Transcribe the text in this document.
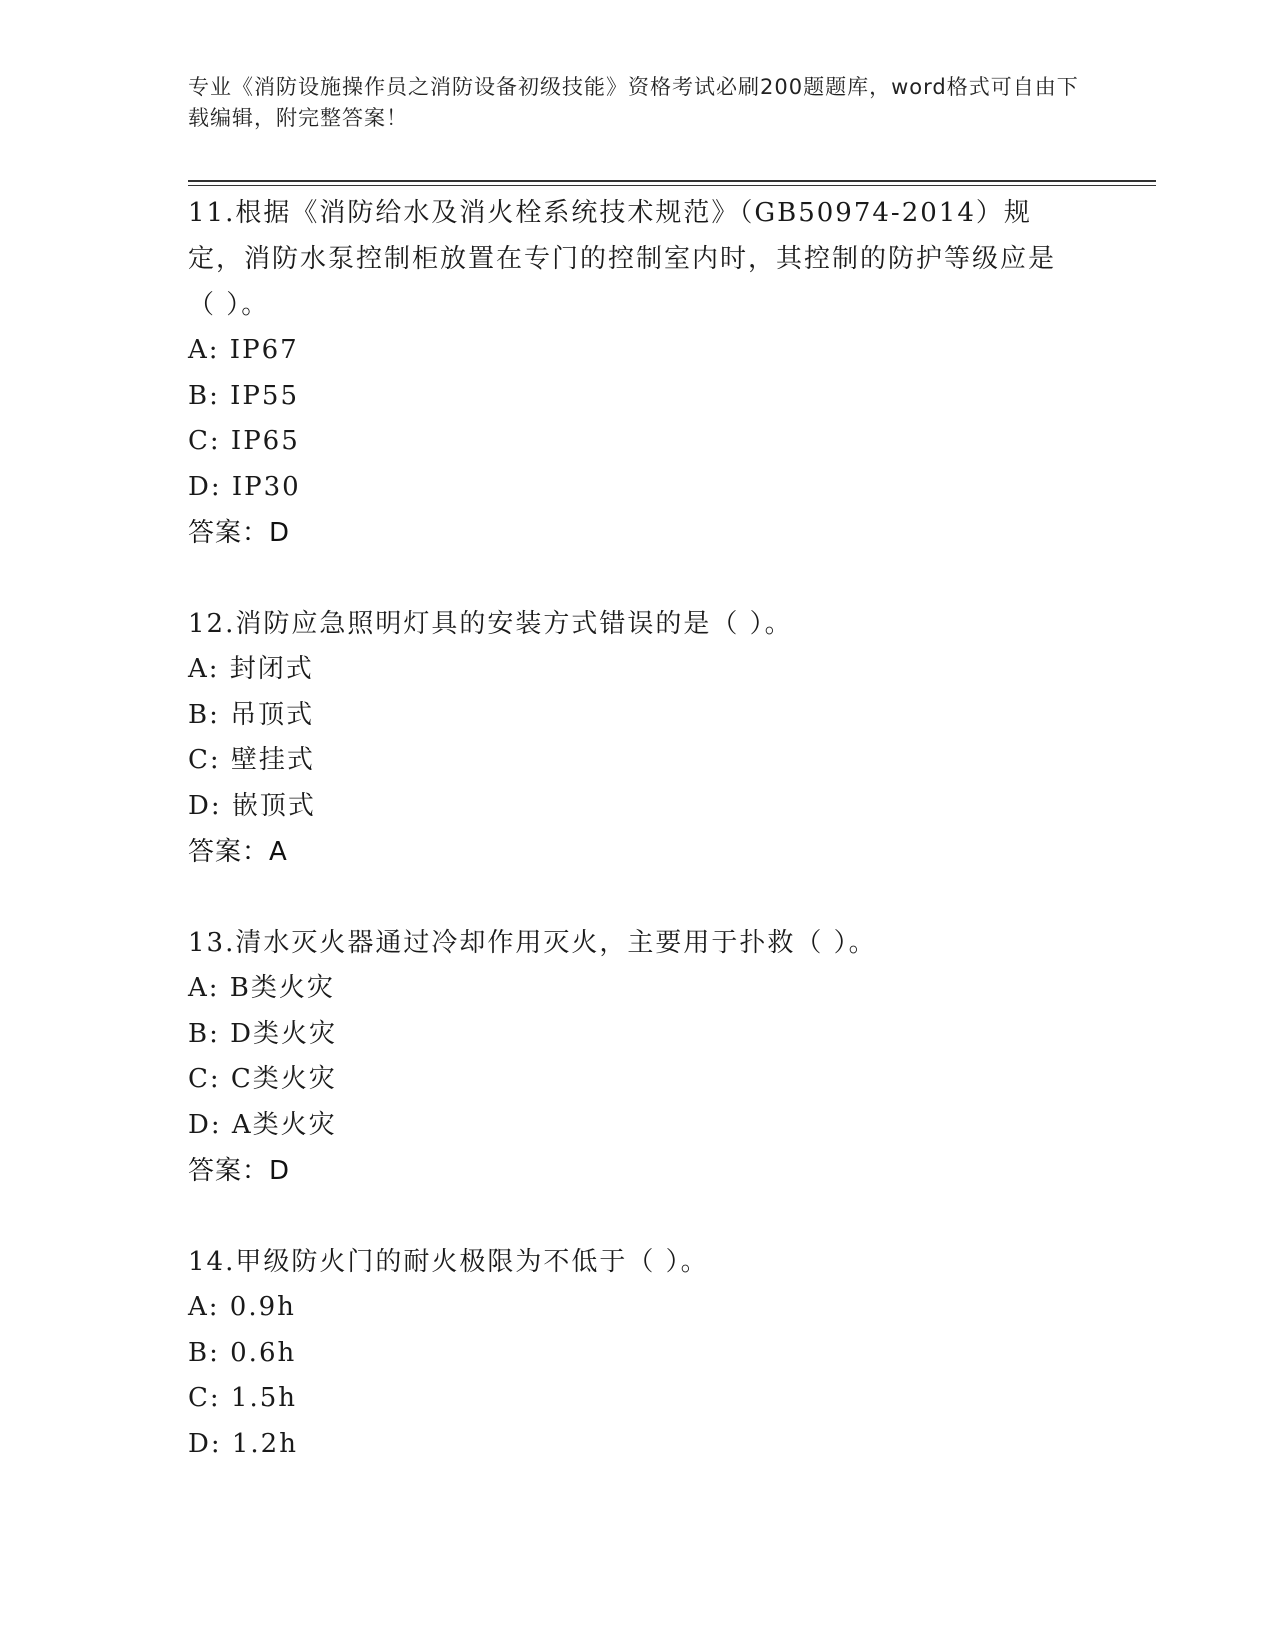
专业《消防设施操作员之消防设备初级技能》资格考试必刷200题题库，word格式可自由下载编辑，附完整答案！
11.根据《消防给水及消火栓系统技术规范》（GB50974-2014）规定，消防水泵控制柜放置在专门的控制室内时，其控制的防护等级应是（ ）。
A: IP67
B: IP55
C: IP65
D: IP30
答案：D
12.消防应急照明灯具的安装方式错误的是（ ）。
A: 封闭式
B: 吊顶式
C: 壁挂式
D: 嵌顶式
答案：A
13.清水灭火器通过冷却作用灭火，主要用于扑救（ ）。
A: B类火灾
B: D类火灾
C: C类火灾
D: A类火灾
答案：D
14.甲级防火门的耐火极限为不低于（ ）。
A: 0.9h
B: 0.6h
C: 1.5h
D: 1.2h
